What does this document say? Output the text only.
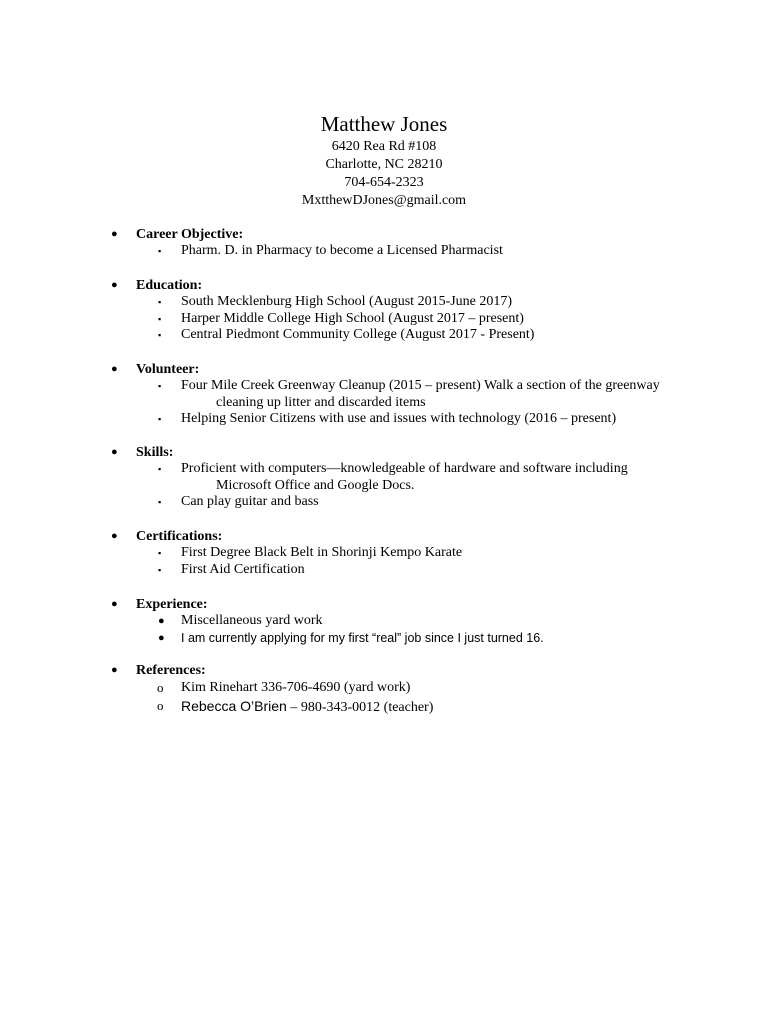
Matthew Jones
6420 Rea Rd #108
Charlotte, NC 28210
704-654-2323
MxtthewDJones@gmail.com
● Career Objective:
▪ Pharm. D. in Pharmacy to become a Licensed Pharmacist
● Education:
▪ South Mecklenburg High School (August 2015-June 2017)
▪ Harper Middle College High School (August 2017 – present)
▪ Central Piedmont Community College (August 2017 - Present)
● Volunteer:
▪ Four Mile Creek Greenway Cleanup (2015 – present) Walk a section of the greenway
cleaning up litter and discarded items
▪ Helping Senior Citizens with use and issues with technology (2016 – present)
● Skills:
▪ Proficient with computers—knowledgeable of hardware and software including
Microsoft Office and Google Docs.
▪ Can play guitar and bass
● Certifications:
▪ First Degree Black Belt in Shorinji Kempo Karate
▪ First Aid Certification
● Experience:
● Miscellaneous yard work
● I am currently applying for my first “real” job since I just turned 16.
● References:
o Kim Rinehart 336-706-4690 (yard work)
o Rebecca O’Brien – 980-343-0012 (teacher)
